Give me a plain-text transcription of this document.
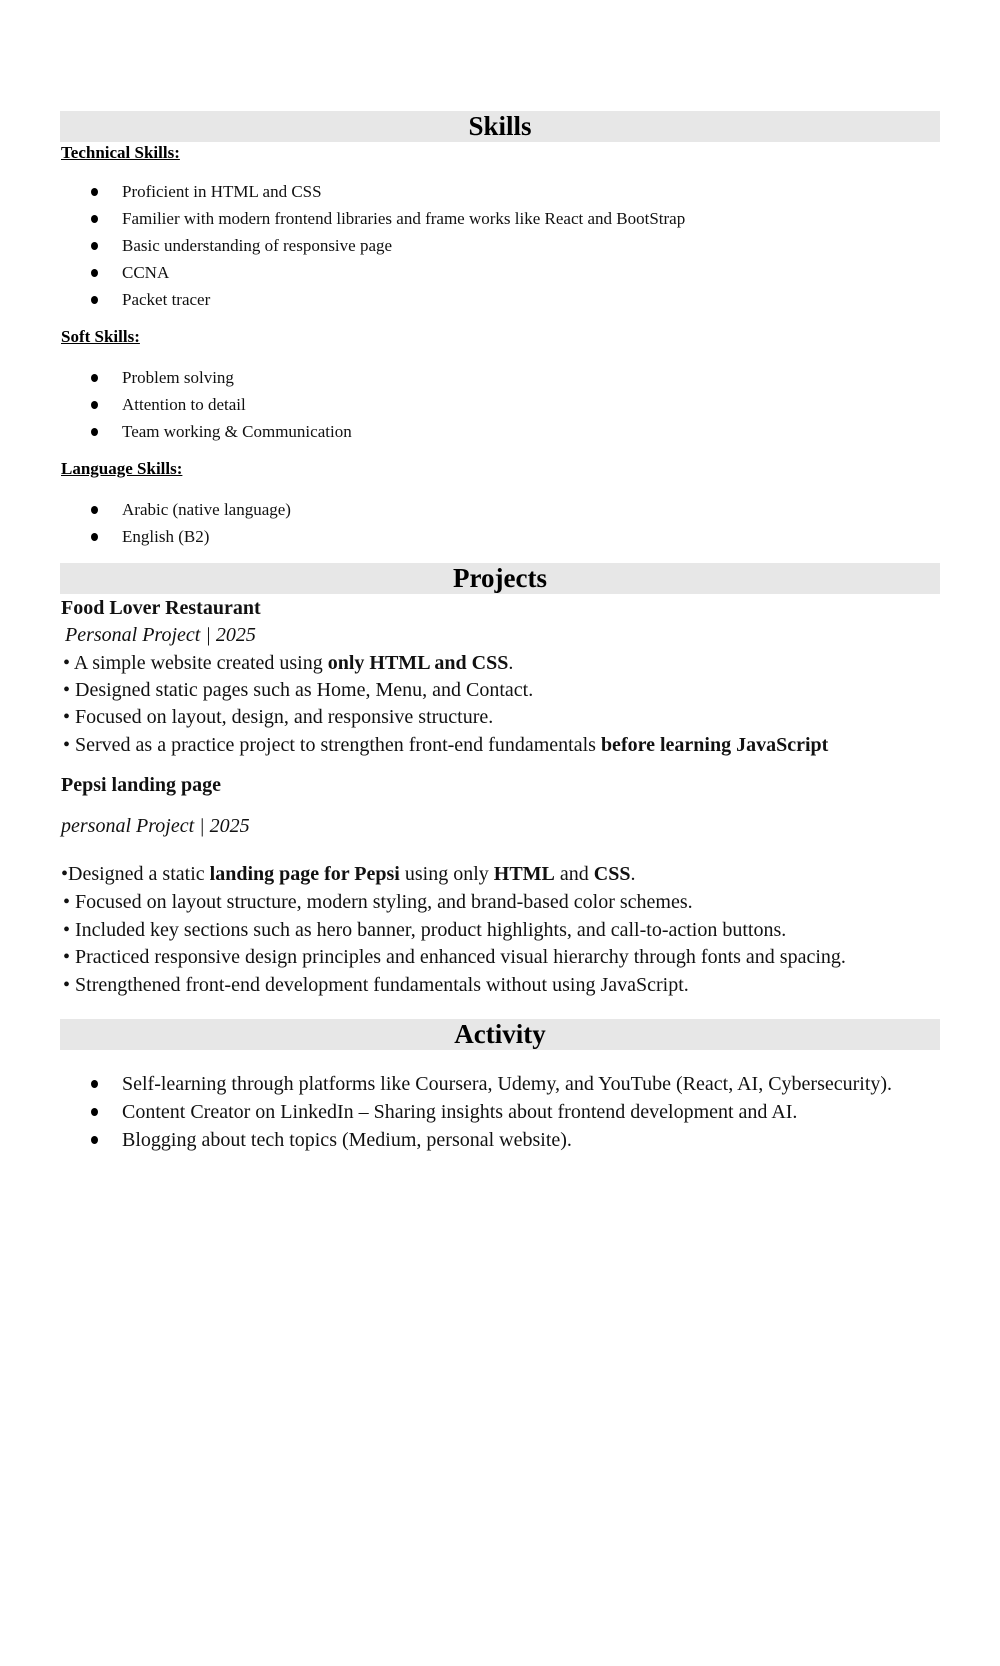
Skills
Technical Skills:
Proficient in HTML and CSS
Familier with modern frontend libraries and frame works like React and BootStrap
Basic understanding of responsive page
CCNA
Packet tracer
Soft Skills:
Problem solving
Attention to detail
Team working & Communication
Language Skills:
Arabic (native language)
English (B2)
Projects
Food Lover Restaurant
Personal Project | 2025
• A simple website created using only HTML and CSS.
• Designed static pages such as Home, Menu, and Contact.
• Focused on layout, design, and responsive structure.
• Served as a practice project to strengthen front-end fundamentals before learning JavaScript
Pepsi landing page
personal Project | 2025
•Designed a static landing page for Pepsi using only HTML and CSS.
• Focused on layout structure, modern styling, and brand-based color schemes.
• Included key sections such as hero banner, product highlights, and call-to-action buttons.
• Practiced responsive design principles and enhanced visual hierarchy through fonts and spacing.
• Strengthened front-end development fundamentals without using JavaScript.
Activity
Self-learning through platforms like Coursera, Udemy, and YouTube (React, AI, Cybersecurity).
Content Creator on LinkedIn – Sharing insights about frontend development and AI.
Blogging about tech topics (Medium, personal website).
